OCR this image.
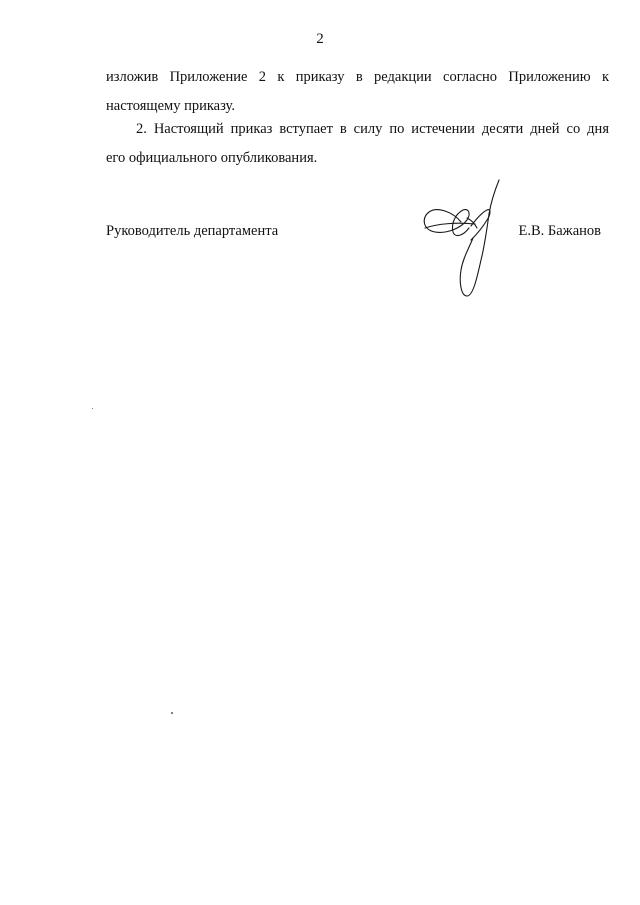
2
изложив Приложение 2 к приказу в редакции согласно Приложению к
настоящему приказу.
2. Настоящий приказ вступает в силу по истечении десяти дней со дня
его официального опубликования.
Руководитель департамента	Е.В. Бажанов
